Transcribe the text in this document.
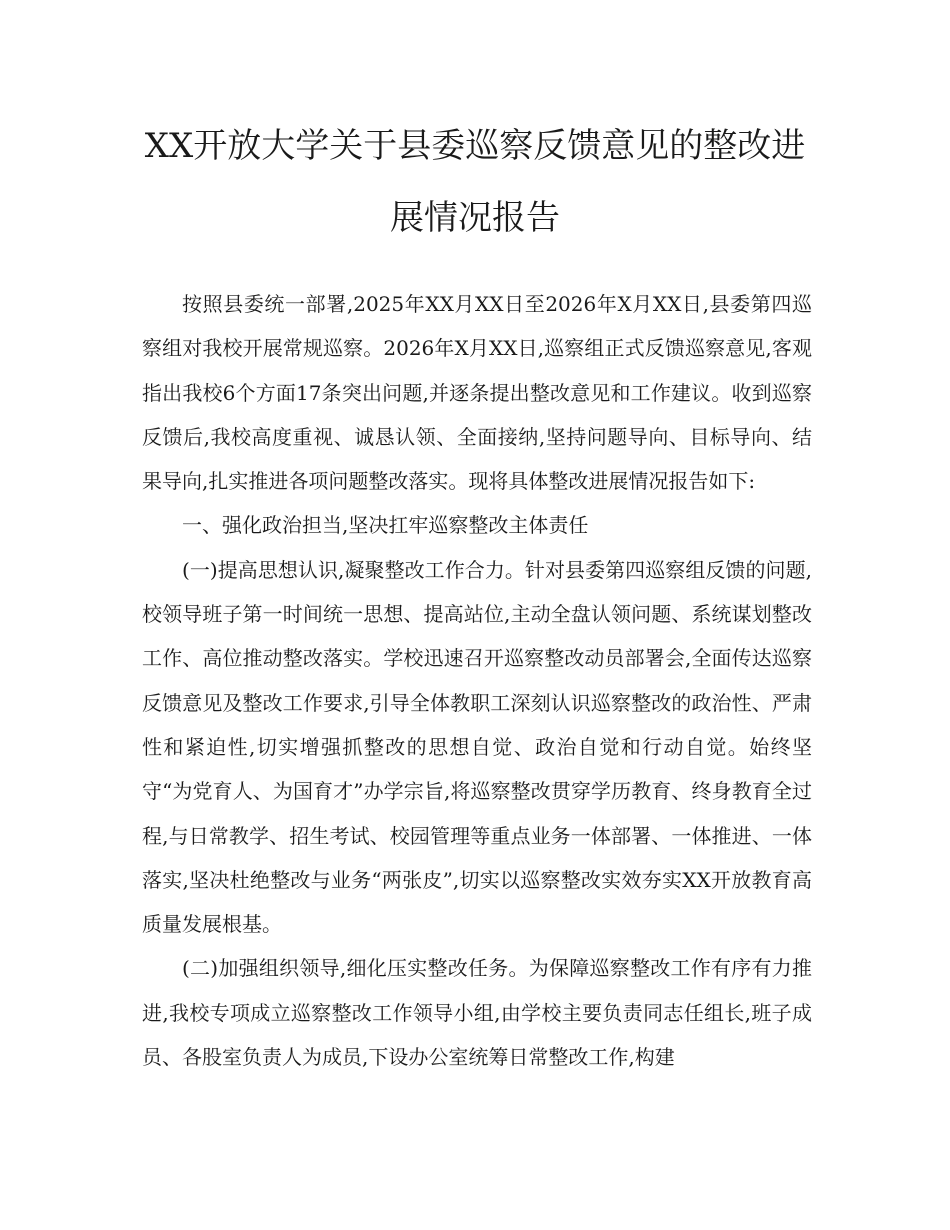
XX开放大学关于县委巡察反馈意见的整改进展情况报告

按照县委统一部署,2025年XX月XX日至2026年X月XX日,县委第四巡察组对我校开展常规巡察。2026年X月XX日,巡察组正式反馈巡察意见,客观指出我校6个方面17条突出问题,并逐条提出整改意见和工作建议。收到巡察反馈后,我校高度重视、诚恳认领、全面接纳,坚持问题导向、目标导向、结果导向,扎实推进各项问题整改落实。现将具体整改进展情况报告如下:

一、强化政治担当,坚决扛牢巡察整改主体责任

(一)提高思想认识,凝聚整改工作合力。针对县委第四巡察组反馈的问题,校领导班子第一时间统一思想、提高站位,主动全盘认领问题、系统谋划整改工作、高位推动整改落实。学校迅速召开巡察整改动员部署会,全面传达巡察反馈意见及整改工作要求,引导全体教职工深刻认识巡察整改的政治性、严肃性和紧迫性,切实增强抓整改的思想自觉、政治自觉和行动自觉。始终坚守“为党育人、为国育才”办学宗旨,将巡察整改贯穿学历教育、终身教育全过程,与日常教学、招生考试、校园管理等重点业务一体部署、一体推进、一体落实,坚决杜绝整改与业务“两张皮”,切实以巡察整改实效夯实XX开放教育高质量发展根基。

(二)加强组织领导,细化压实整改任务。为保障巡察整改工作有序有力推进,我校专项成立巡察整改工作领导小组,由学校主要负责同志任组长,班子成员、各股室负责人为成员,下设办公室统筹日常整改工作,构建
